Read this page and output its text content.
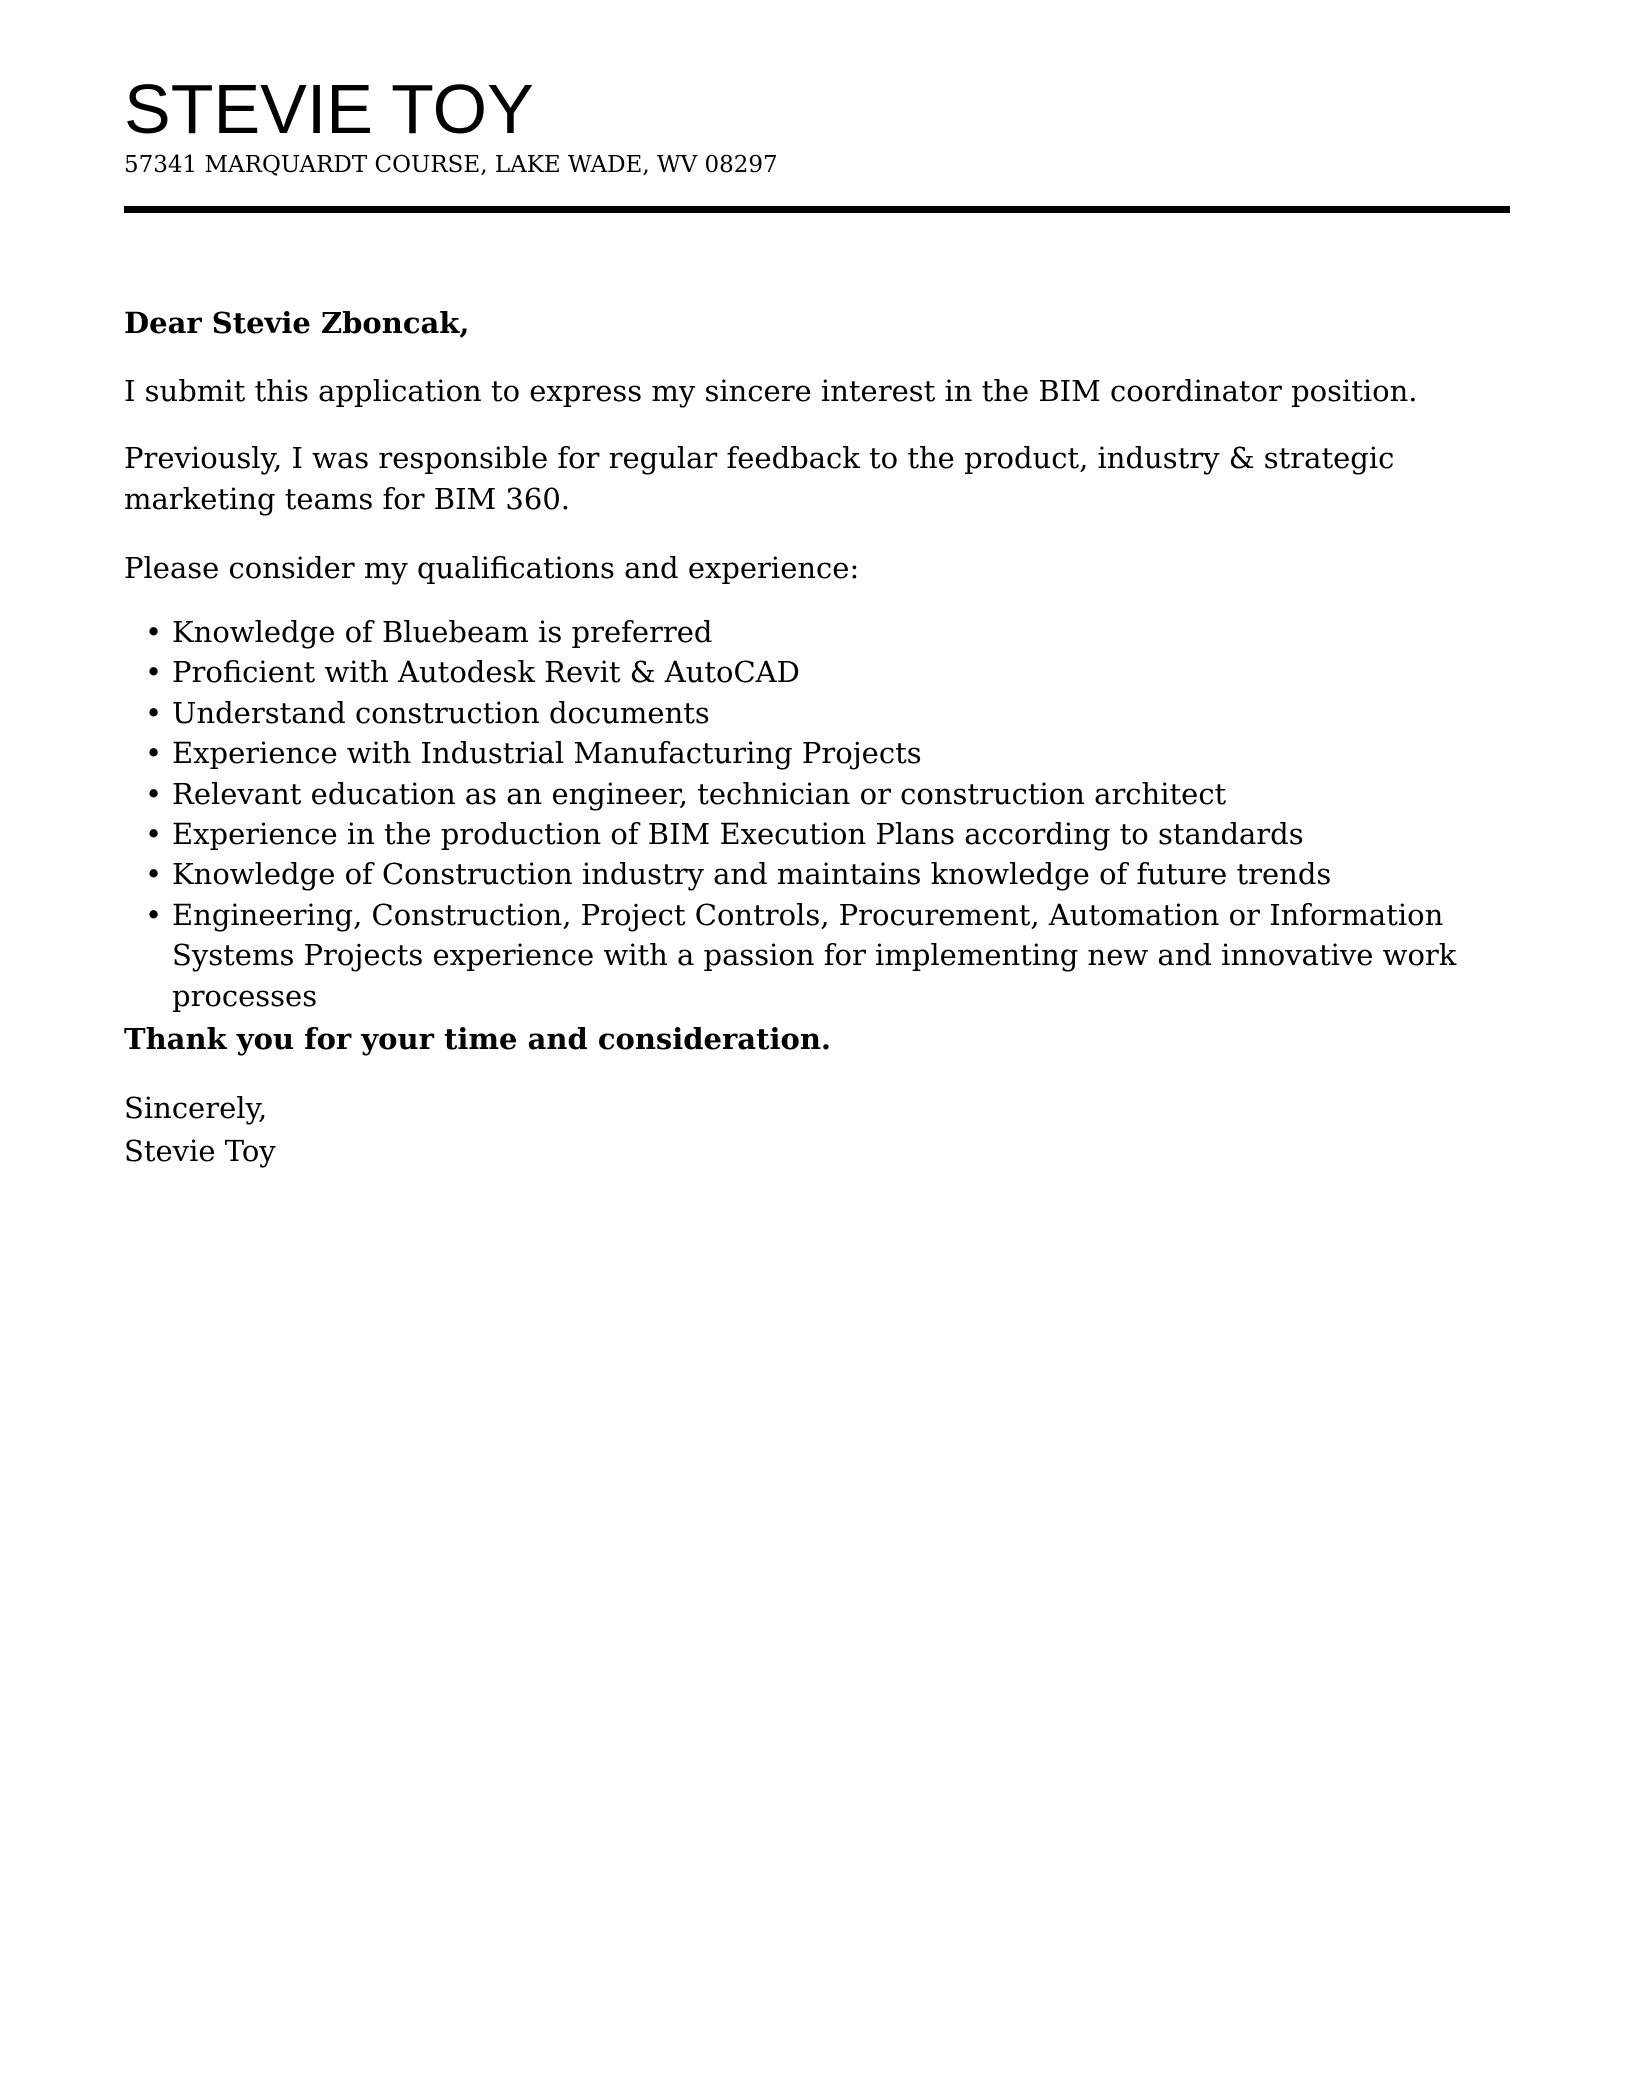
STEVIE TOY
57341 MARQUARDT COURSE, LAKE WADE, WV 08297
Dear Stevie Zboncak,
I submit this application to express my sincere interest in the BIM coordinator position.
Previously, I was responsible for regular feedback to the product, industry & strategic marketing teams for BIM 360.
Please consider my qualifications and experience:
• Knowledge of Bluebeam is preferred
• Proficient with Autodesk Revit & AutoCAD
• Understand construction documents
• Experience with Industrial Manufacturing Projects
• Relevant education as an engineer, technician or construction architect
• Experience in the production of BIM Execution Plans according to standards
• Knowledge of Construction industry and maintains knowledge of future trends
• Engineering, Construction, Project Controls, Procurement, Automation or Information Systems Projects experience with a passion for implementing new and innovative work processes
Thank you for your time and consideration.
Sincerely,
Stevie Toy
